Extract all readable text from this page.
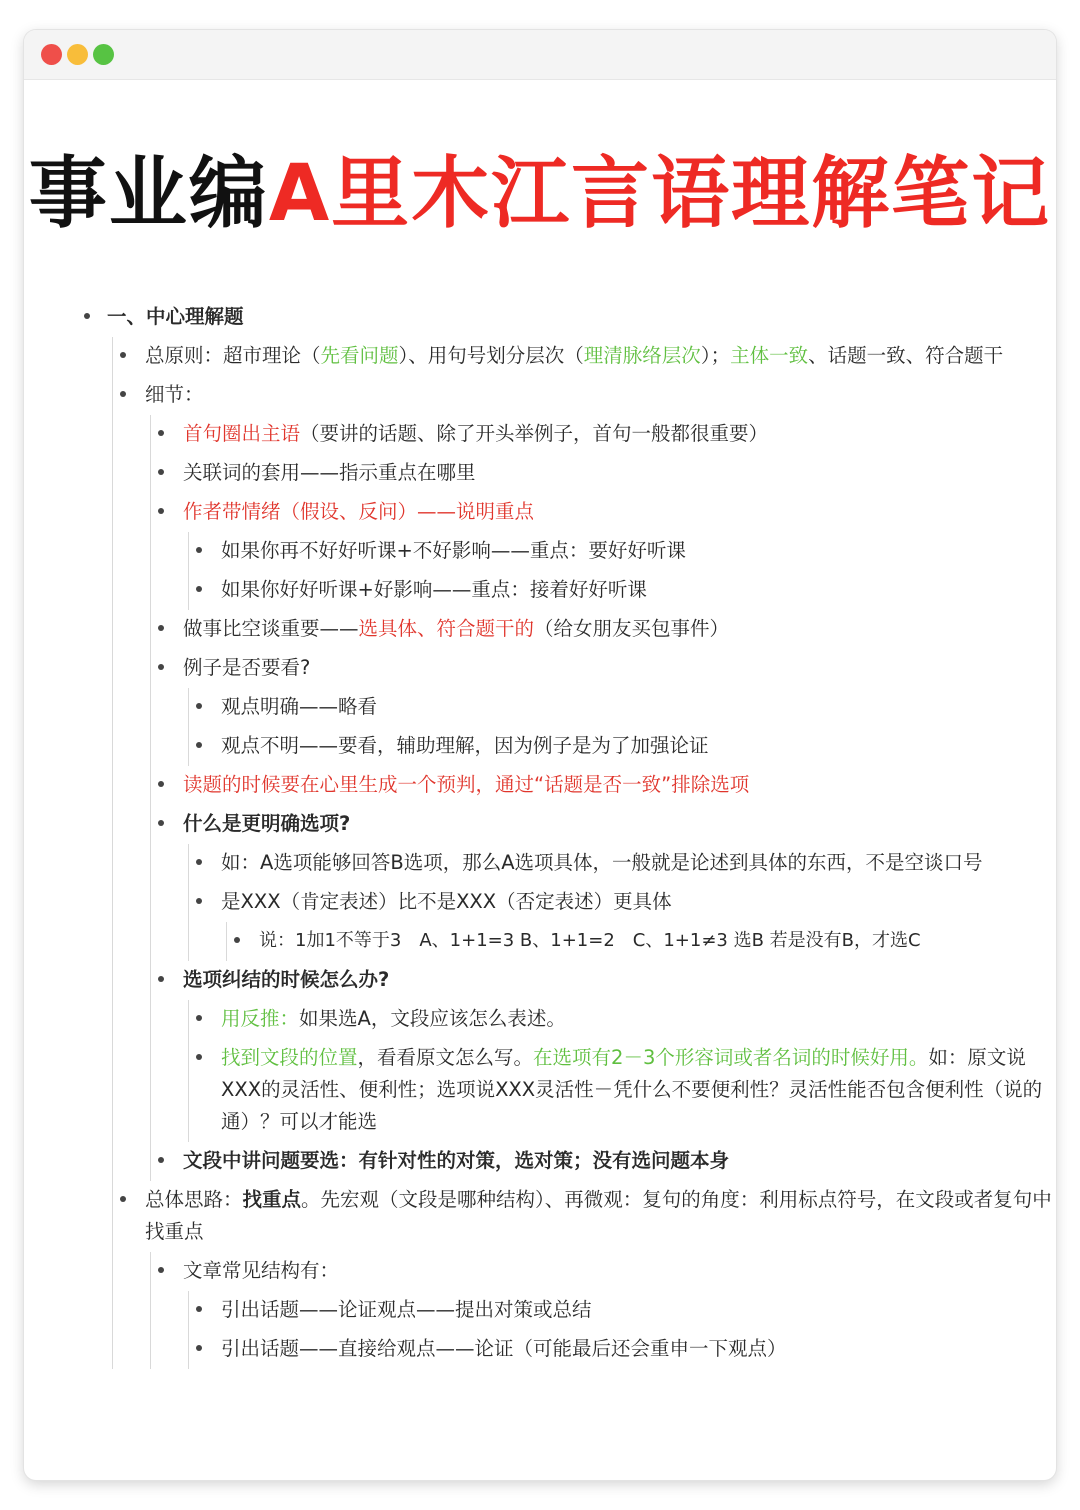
事业编A里木江言语理解笔记
一、中心理解题
总原则：超市理论（先看问题）、用句号划分层次（理清脉络层次）；主体一致、话题一致、符合题干
细节：
首句圈出主语（要讲的话题、除了开头举例子，首句一般都很重要）
关联词的套用——指示重点在哪里
作者带情绪（假设、反问）——说明重点
如果你再不好好听课+不好影响——重点：要好好听课
如果你好好听课+好影响——重点：接着好好听课
做事比空谈重要——选具体、符合题干的（给女朋友买包事件）
例子是否要看?
观点明确——略看
观点不明——要看，辅助理解，因为例子是为了加强论证
读题的时候要在心里生成一个预判，通过“话题是否一致”排除选项
什么是更明确选项?
如：A选项能够回答B选项，那么A选项具体，一般就是论述到具体的东西，不是空谈口号
是XXX（肯定表述）比不是XXX（否定表述）更具体
说：1加1不等于3　A、1+1=3 B、1+1=2　C、1+1≠3 选B 若是没有B，才选C
选项纠结的时候怎么办?
用反推：如果选A，文段应该怎么表述。
找到文段的位置，看看原文怎么写。在选项有2－3个形容词或者名词的时候好用。如：原文说XXX的灵活性、便利性；选项说XXX灵活性－凭什么不要便利性？灵活性能否包含便利性（说的通）？可以才能选
文段中讲问题要选：有针对性的对策，选对策；没有选问题本身
总体思路：找重点。先宏观（文段是哪种结构）、再微观：复句的角度：利用标点符号，在文段或者复句中找重点
文章常见结构有：
引出话题——论证观点——提出对策或总结
引出话题——直接给观点——论证（可能最后还会重申一下观点）
